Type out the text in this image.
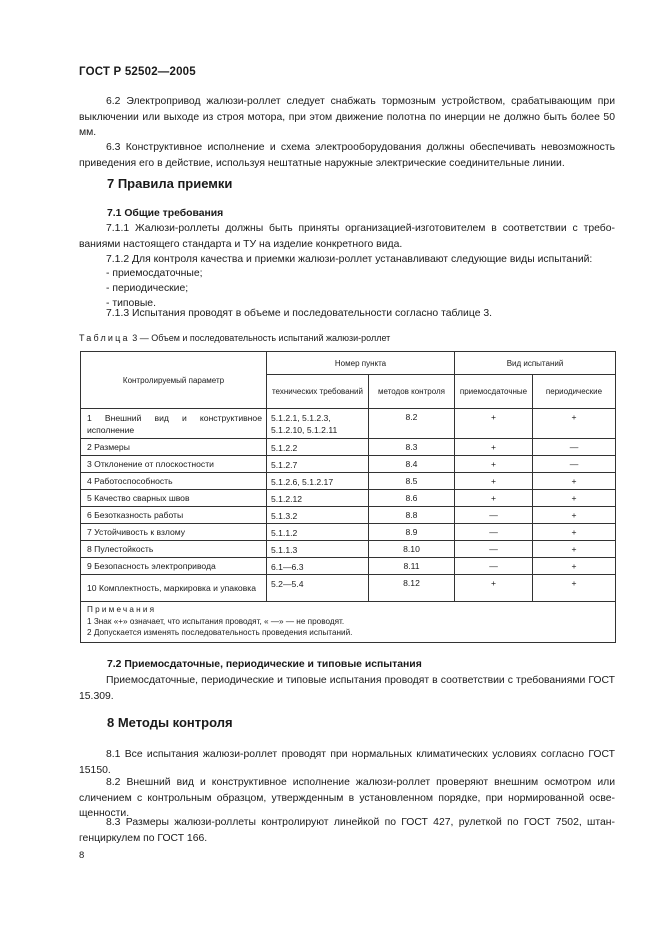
ГОСТ Р 52502—2005
6.2 Электропривод жалюзи-роллет следует снабжать тормозным устройством, срабатывающим при выключении или выходе из строя мотора, при этом движение полотна по инерции не должно быть более 50 мм.
6.3 Конструктивное исполнение и схема электрооборудования должны обеспечивать невозможность приведения его в действие, используя нештатные наружные электрические соединительные линии.
7 Правила приемки
7.1 Общие требования
7.1.1 Жалюзи-роллеты должны быть приняты организацией-изготовителем в соответствии с требованиями настоящего стандарта и ТУ на изделие конкретного вида.
7.1.2 Для контроля качества и приемки жалюзи-роллет устанавливают следующие виды испытаний:
- приемосдаточные;
- периодические;
- типовые.
7.1.3 Испытания проводят в объеме и последовательности согласно таблице 3.
Таблица 3 — Объем и последовательность испытаний жалюзи-роллет
Контролируемый параметр	Номер пункта		Вид испытаний	
	технических требований	методов контроля	приемосдаточные	периодические
1 Внешний вид и конструктивное исполнение	5.1.2.1, 5.1.2.3, 5.1.2.10, 5.1.2.11	8.2	+	+
2 Размеры	5.1.2.2	8.3	+	—
3 Отклонение от плоскостности	5.1.2.7	8.4	+	—
4 Работоспособность	5.1.2.6, 5.1.2.17	8.5	+	+
5 Качество сварных швов	5.1.2.12	8.6	+	+
6 Безотказность работы	5.1.3.2	8.8	—	+
7 Устойчивость к взлому	5.1.1.2	8.9	—	+
8 Пулестойкость	5.1.1.3	8.10	—	+
9 Безопасность электропривода	6.1—6.3	8.11	—	+
10 Комплектность, маркировка и упаковка	5.2—5.4	8.12	+	+

Примечания
1 Знак «+» означает, что испытания проводят, « —» — не проводят.
2 Допускается изменять последовательность проведения испытаний.				
7.2 Приемосдаточные, периодические и типовые испытания
Приемосдаточные, периодические и типовые испытания проводят в соответствии с требованиями ГОСТ 15.309.
8 Методы контроля
8.1 Все испытания жалюзи-роллет проводят при нормальных климатических условиях согласно ГОСТ 15150.
8.2 Внешний вид и конструктивное исполнение жалюзи-роллет проверяют внешним осмотром или сличением с контрольным образцом, утвержденным в установленном порядке, при нормированной освещенности.
8.3 Размеры жалюзи-роллеты контролируют линейкой по ГОСТ 427, рулеткой по ГОСТ 7502, штангенциркулем по ГОСТ 166.
8
